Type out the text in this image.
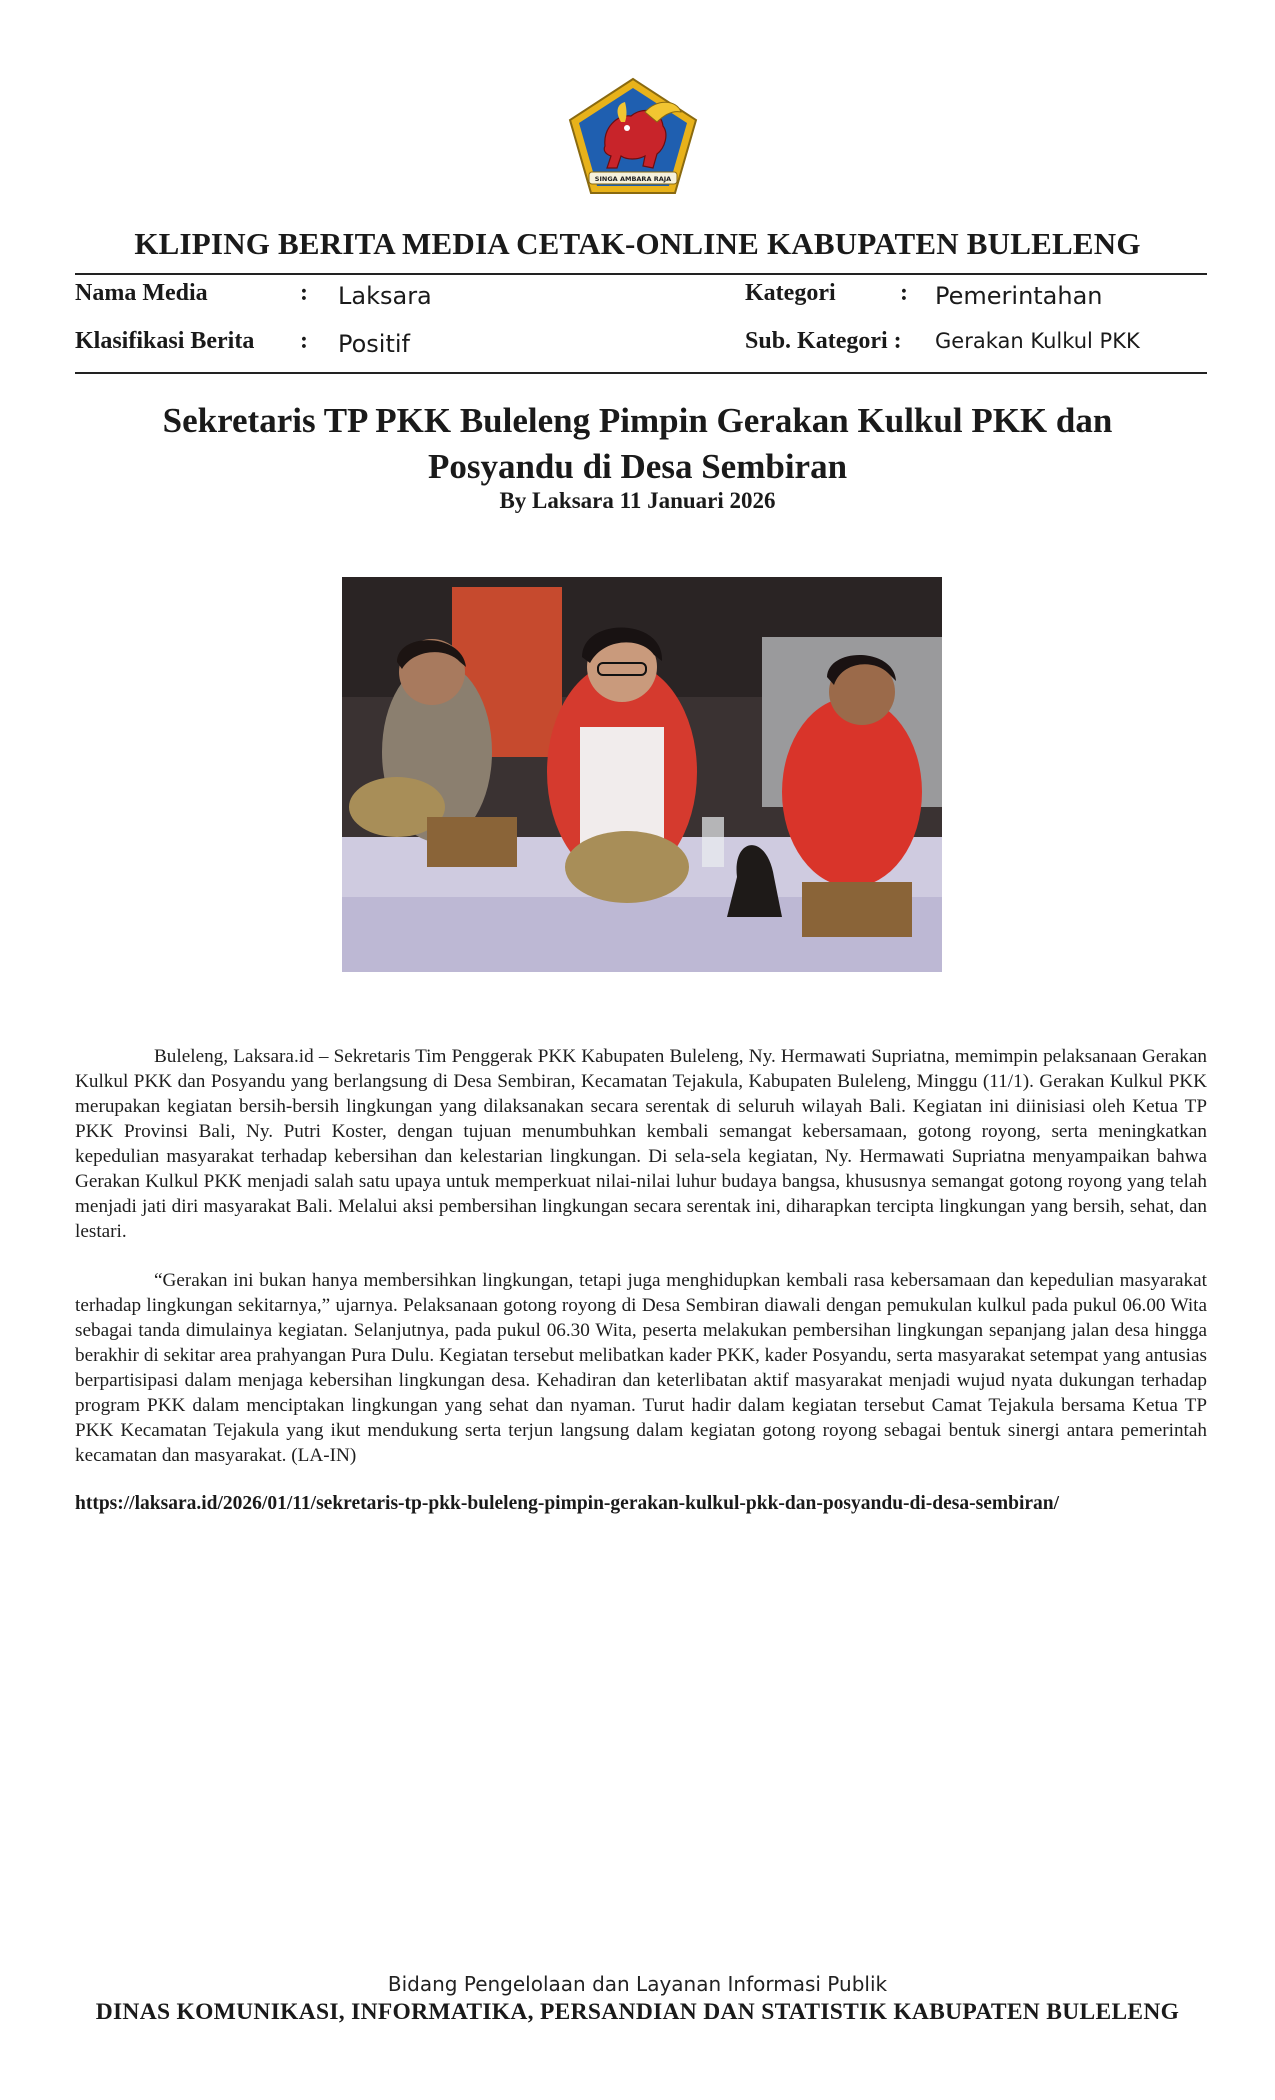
SINGA AMBARA RAJA
KLIPING BERITA MEDIA CETAK-ONLINE KABUPATEN BULELENG
Nama Media	: Laksara	Kategori	: Pemerintahan
Klasifikasi Berita : Positif	Sub. Kategori : Gerakan Kulkul PKK
Sekretaris TP PKK Buleleng Pimpin Gerakan Kulkul PKK dan
Posyandu di Desa Sembiran
By Laksara 11 Januari 2026

Buleleng, Laksara.id – Sekretaris Tim Penggerak PKK Kabupaten Buleleng, Ny. Hermawati Supriatna, memimpin pelaksanaan Gerakan Kulkul PKK dan Posyandu yang berlangsung di Desa Sembiran, Kecamatan Tejakula, Kabupaten Buleleng, Minggu (11/1). Gerakan Kulkul PKK merupakan kegiatan bersih-bersih lingkungan yang dilaksanakan secara serentak di seluruh wilayah Bali. Kegiatan ini diinisiasi oleh Ketua TP PKK Provinsi Bali, Ny. Putri Koster, dengan tujuan menumbuhkan kembali semangat kebersamaan, gotong royong, serta meningkatkan kepedulian masyarakat terhadap kebersihan dan kelestarian lingkungan. Di sela-sela kegiatan, Ny. Hermawati Supriatna menyampaikan bahwa Gerakan Kulkul PKK menjadi salah satu upaya untuk memperkuat nilai-nilai luhur budaya bangsa, khususnya semangat gotong royong yang telah menjadi jati diri masyarakat Bali. Melalui aksi pembersihan lingkungan secara serentak ini, diharapkan tercipta lingkungan yang bersih, sehat, dan lestari.

“Gerakan ini bukan hanya membersihkan lingkungan, tetapi juga menghidupkan kembali rasa kebersamaan dan kepedulian masyarakat terhadap lingkungan sekitarnya,” ujarnya. Pelaksanaan gotong royong di Desa Sembiran diawali dengan pemukulan kulkul pada pukul 06.00 Wita sebagai tanda dimulainya kegiatan. Selanjutnya, pada pukul 06.30 Wita, peserta melakukan pembersihan lingkungan sepanjang jalan desa hingga berakhir di sekitar area prahyangan Pura Dulu. Kegiatan tersebut melibatkan kader PKK, kader Posyandu, serta masyarakat setempat yang antusias berpartisipasi dalam menjaga kebersihan lingkungan desa. Kehadiran dan keterlibatan aktif masyarakat menjadi wujud nyata dukungan terhadap program PKK dalam menciptakan lingkungan yang sehat dan nyaman. Turut hadir dalam kegiatan tersebut Camat Tejakula bersama Ketua TP PKK Kecamatan Tejakula yang ikut mendukung serta terjun langsung dalam kegiatan gotong royong sebagai bentuk sinergi antara pemerintah kecamatan dan masyarakat. (LA-IN)

https://laksara.id/2026/01/11/sekretaris-tp-pkk-buleleng-pimpin-gerakan-kulkul-pkk-dan-posyandu-di-desa-sembiran/
Bidang Pengelolaan dan Layanan Informasi Publik
DINAS KOMUNIKASI, INFORMATIKA, PERSANDIAN DAN STATISTIK KABUPATEN BULELENG
